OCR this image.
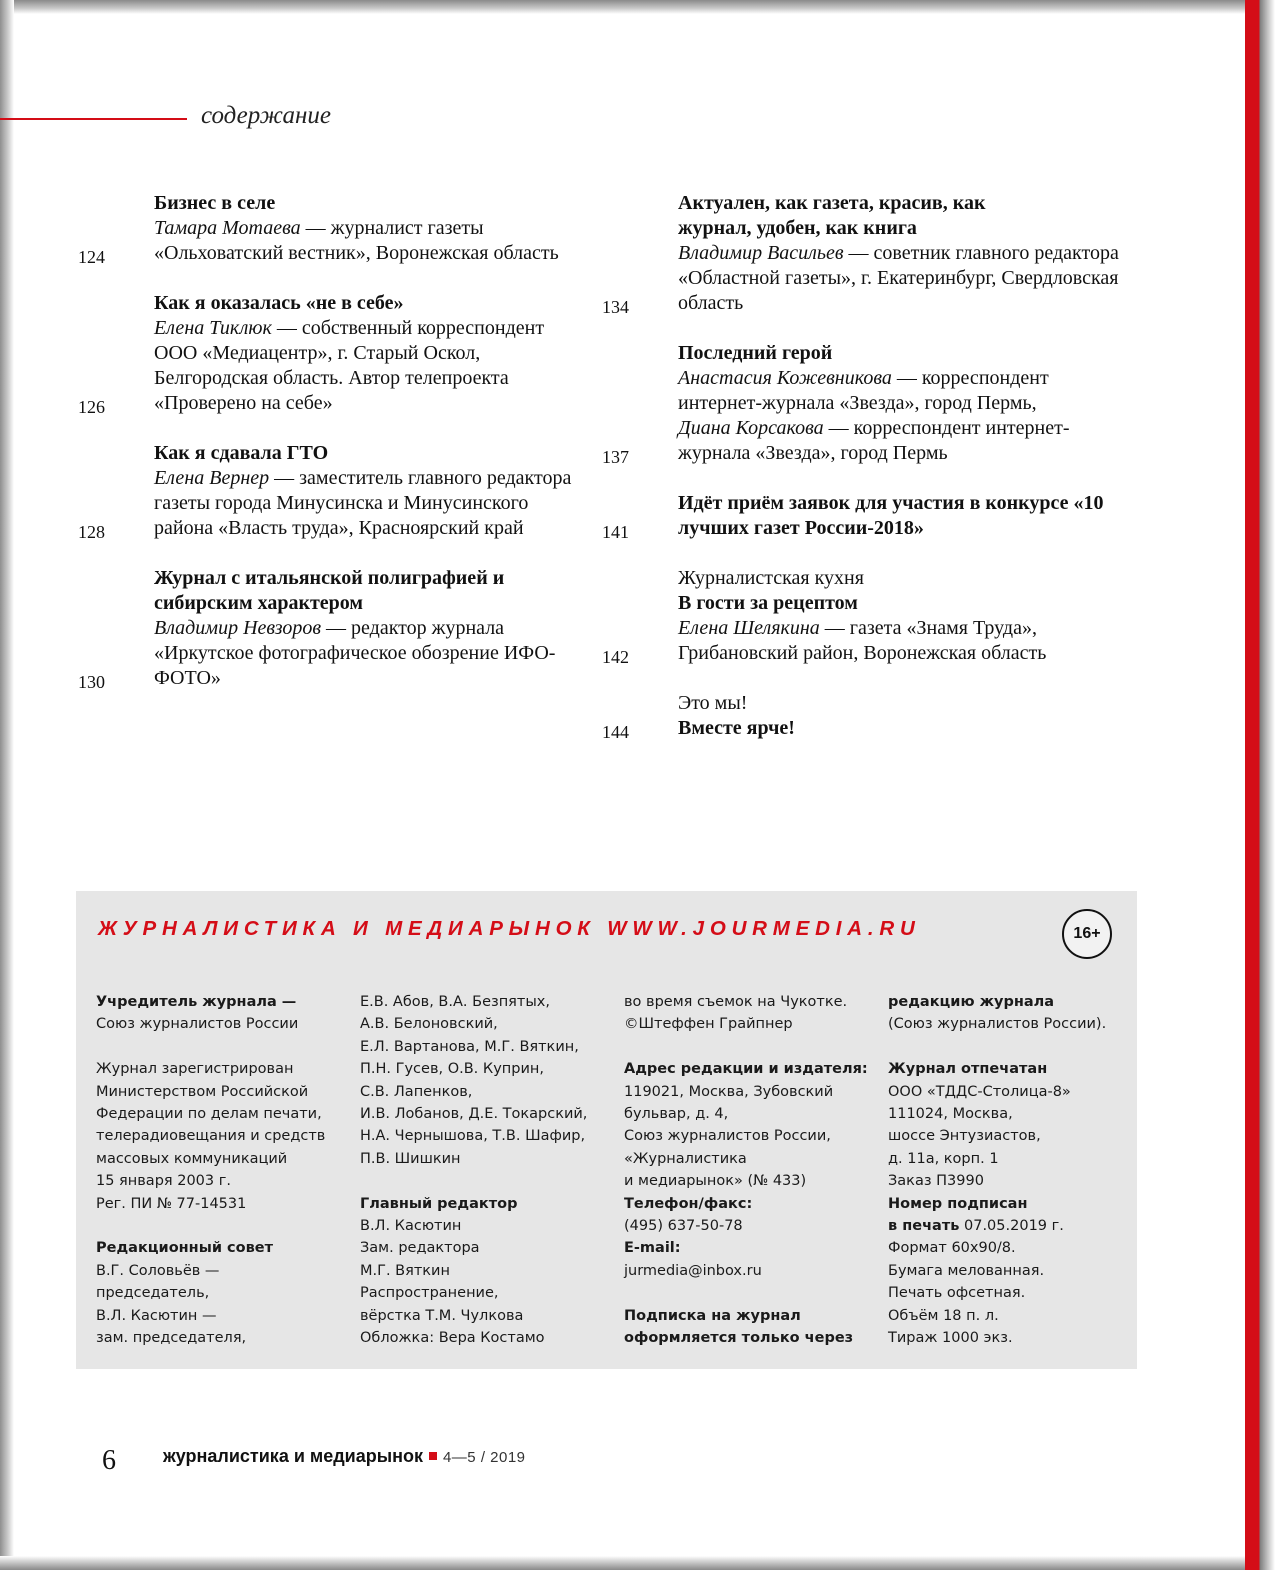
содержание
Бизнес в селе
Тамара Мотаева — журналист газеты «Ольховатский вестник», Воронежская область
124
Как я оказалась «не в себе»
Елена Тиклюк — собственный корреспондент ООО «Медиацентр», г. Старый Оскол, Белгородская область. Автор телепроекта «Проверено на себе»
126
Как я сдавала ГТО
Елена Вернер — заместитель главного редактора газеты города Минусинска и Минусинского района «Власть труда», Красноярский край
128
Журнал с итальянской полиграфией и сибирским характером
Владимир Невзоров — редактор журнала «Иркутское фотографическое обозрение ИФО-ФОТО»
130
Актуален, как газета, красив, как журнал, удобен, как книга
Владимир Васильев — советник главного редактора «Областной газеты», г. Екатеринбург, Свердловская область
134
Последний герой
Анастасия Кожевникова — корреспондент интернет-журнала «Звезда», город Пермь,
Диана Корсакова — корреспондент интернет-журнала «Звезда», город Пермь
137
Идёт приём заявок для участия в конкурсе «10 лучших газет России-2018»
141
Журналистская кухня
В гости за рецептом
Елена Шелякина — газета «Знамя Труда», Грибановский район, Воронежская область
142
Это мы!
Вместе ярче!
144
ЖУРНАЛИСТИКА И МЕДИАРЫНОК WWW.JOURMEDIA.RU	16+
Учредитель журнала —
Союз журналистов России
Журнал зарегистрирован
Министерством Российской
Федерации по делам печати,
телерадиовещания и средств
массовых коммуникаций
15 января 2003 г.
Рег. ПИ № 77-14531
Редакционный совет
В.Г. Соловьёв —
председатель,
В.Л. Касютин —
зам. председателя,
Е.В. Абов, В.А. Безпятых,
А.В. Белоновский,
Е.Л. Вартанова, М.Г. Вяткин,
П.Н. Гусев, О.В. Куприн,
С.В. Лапенков,
И.В. Лобанов, Д.Е. Токарский,
Н.А. Чернышова, Т.В. Шафир,
П.В. Шишкин
Главный редактор
В.Л. Касютин
Зам. редактора
М.Г. Вяткин
Распространение,
вёрстка Т.М. Чулкова
Обложка: Вера Костамо
во время съемок на Чукотке.
©Штеффен Грайпнер
Адрес редакции и издателя:
119021, Москва, Зубовский
бульвар, д. 4,
Союз журналистов России,
«Журналистика
и медиарынок» (№ 433)
Телефон/факс:
(495) 637-50-78
E-mail:
jurmedia@inbox.ru
Подписка на журнал
оформляется только через
редакцию журнала
(Союз журналистов России).
Журнал отпечатан
ООО «ТДДС-Столица-8»
111024, Москва,
шоссе Энтузиастов,
д. 11а, корп. 1
Заказ П3990
Номер подписан
в печать 07.05.2019 г.
Формат 60х90/8.
Бумага мелованная.
Печать офсетная.
Объём 18 п. л.
Тираж 1000 экз.
6	журналистика и медиарынок 4—5 / 2019
